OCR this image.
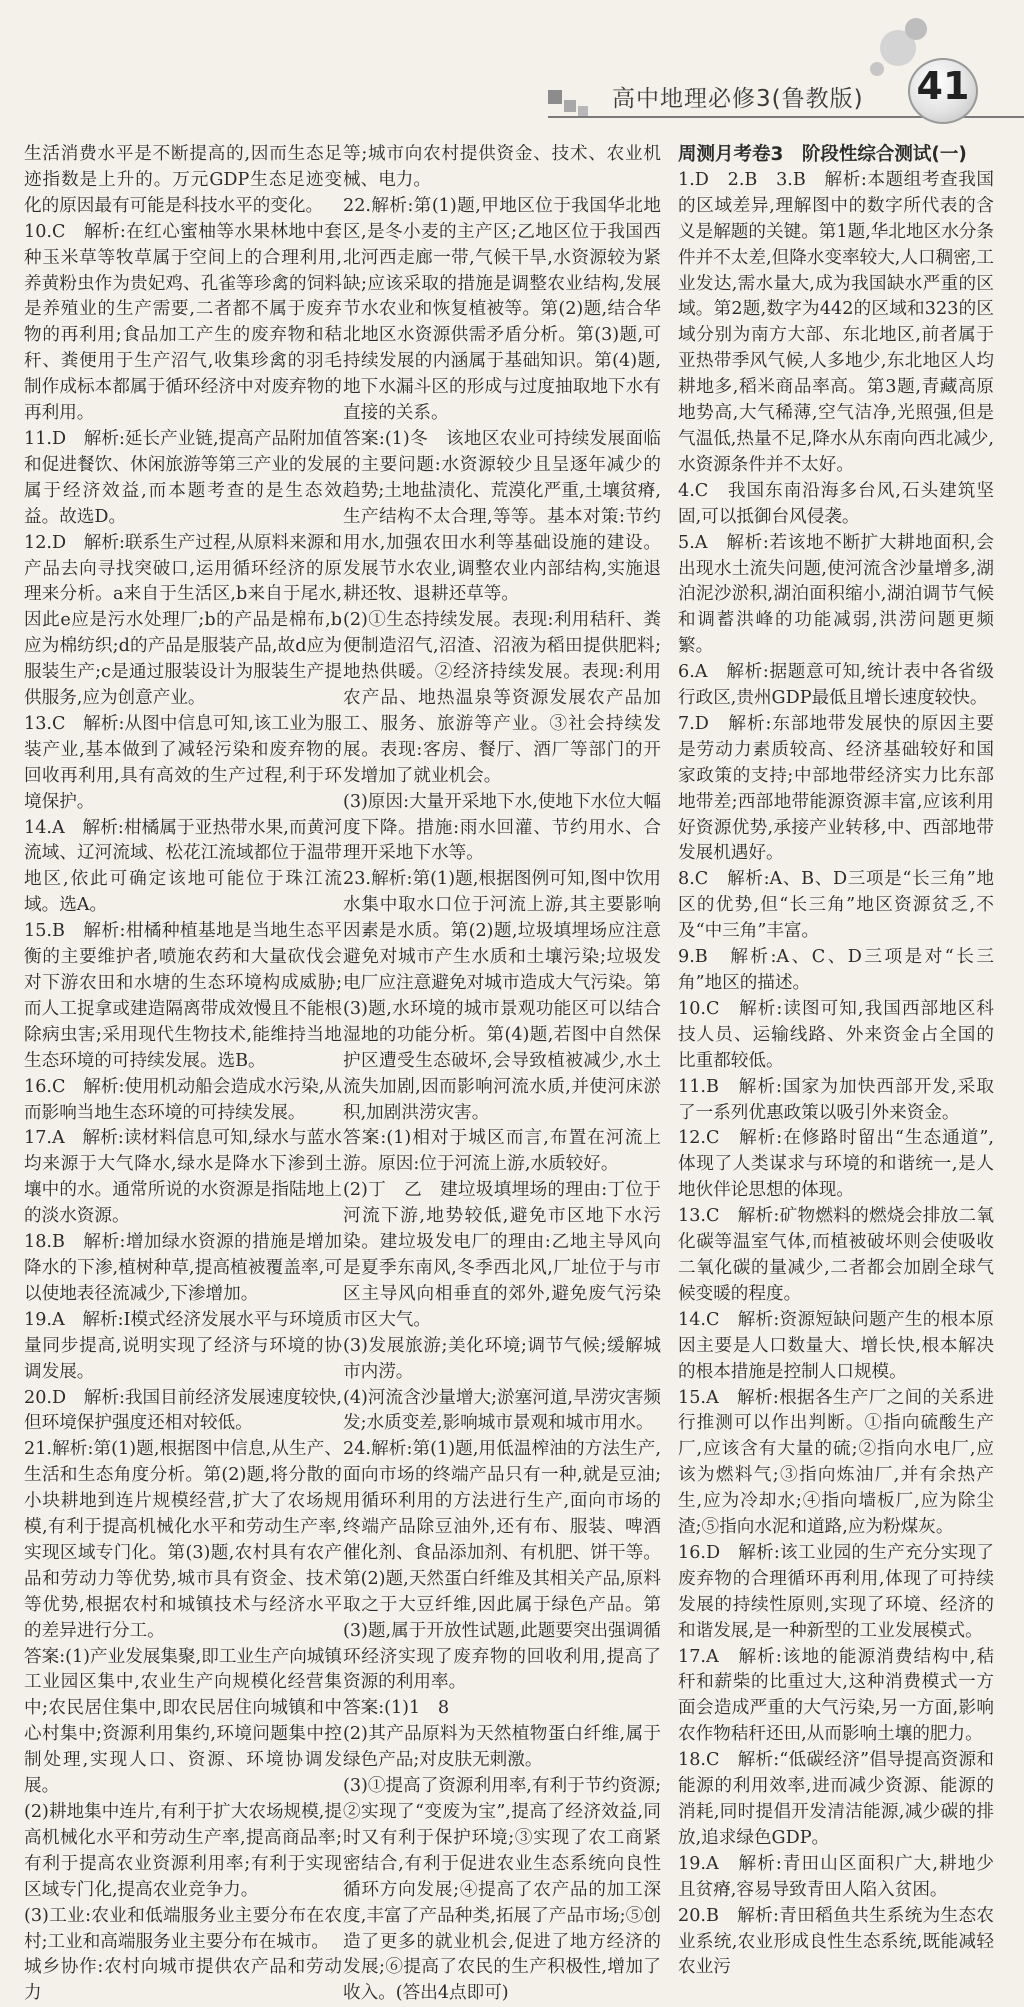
高中地理必修3(鲁教版) 41

生活消费水平是不断提高的,因而生态足迹指数是上升的。万元GDP生态足迹变化的原因最有可能是科技水平的变化。

10.C　解析:在红心蜜柚等水果林地中套种玉米草等牧草属于空间上的合理利用,养黄粉虫作为贵妃鸡、孔雀等珍禽的饲料是养殖业的生产需要,二者都不属于废弃物的再利用;食品加工产生的废弃物和秸秆、粪便用于生产沼气,收集珍禽的羽毛制作成标本都属于循环经济中对废弃物的再利用。

11.D　解析:延长产业链,提高产品附加值和促进餐饮、休闲旅游等第三产业的发展属于经济效益,而本题考查的是生态效益。故选D。

12.D　解析:联系生产过程,从原料来源和产品去向寻找突破口,运用循环经济的原理来分析。a来自于生活区,b来自于尾水,因此e应是污水处理厂;b的产品是棉布,b应为棉纺织;d的产品是服装产品,故d应为服装生产;c是通过服装设计为服装生产提供服务,应为创意产业。

13.C　解析:从图中信息可知,该工业为服装产业,基本做到了减轻污染和废弃物的回收再利用,具有高效的生产过程,利于环境保护。

14.A　解析:柑橘属于亚热带水果,而黄河流域、辽河流域、松花江流域都位于温带地区,依此可确定该地可能位于珠江流域。选A。

15.B　解析:柑橘种植基地是当地生态平衡的主要维护者,喷施农药和大量砍伐会对下游农田和水塘的生态环境构成威胁;而人工捉拿或建造隔离带成效慢且不能根除病虫害;采用现代生物技术,能维持当地生态环境的可持续发展。选B。

16.C　解析:使用机动船会造成水污染,从而影响当地生态环境的可持续发展。

17.A　解析:读材料信息可知,绿水与蓝水均来源于大气降水,绿水是降水下渗到土壤中的水。通常所说的水资源是指陆地上的淡水资源。

18.B　解析:增加绿水资源的措施是增加降水的下渗,植树种草,提高植被覆盖率,可以使地表径流减少,下渗增加。

19.A　解析:Ⅰ模式经济发展水平与环境质量同步提高,说明实现了经济与环境的协调发展。

20.D　解析:我国目前经济发展速度较快,但环境保护强度还相对较低。

21.解析:第(1)题,根据图中信息,从生产、生活和生态角度分析。第(2)题,将分散的小块耕地到连片规模经营,扩大了农场规模,有利于提高机械化水平和劳动生产率,实现区域专门化。第(3)题,农村具有农产品和劳动力等优势,城市具有资金、技术等优势,根据农村和城镇技术与经济水平的差异进行分工。

答案:(1)产业发展集聚,即工业生产向城镇工业园区集中,农业生产向规模化经营集中;农民居住集中,即农民居住向城镇和中心村集中;资源利用集约,环境问题集中控制处理,实现人口、资源、环境协调发展。

(2)耕地集中连片,有利于扩大农场规模,提高机械化水平和劳动生产率,提高商品率;有利于提高农业资源利用率;有利于实现区域专门化,提高农业竞争力。

(3)工业:农业和低端服务业主要分布在农村;工业和高端服务业主要分布在城市。

城乡协作:农村向城市提供农产品和劳动力

等;城市向农村提供资金、技术、农业机械、电力。

22.解析:第(1)题,甲地区位于我国华北地区,是冬小麦的主产区;乙地区位于我国西北河西走廊一带,气候干旱,水资源较为紧缺;应该采取的措施是调整农业结构,发展节水农业和恢复植被等。第(2)题,结合华北地区水资源供需矛盾分析。第(3)题,可持续发展的内涵属于基础知识。第(4)题,地下水漏斗区的形成与过度抽取地下水有直接的关系。

答案:(1)冬　该地区农业可持续发展面临的主要问题:水资源较少且呈逐年减少的趋势;土地盐渍化、荒漠化严重,土壤贫瘠,生产结构不太合理,等等。基本对策:节约用水,加强农田水利等基础设施的建设。发展节水农业,调整农业内部结构,实施退耕还牧、退耕还草等。

(2)①生态持续发展。表现:利用秸秆、粪便制造沼气,沼渣、沼液为稻田提供肥料;地热供暖。②经济持续发展。表现:利用农产品、地热温泉等资源发展农产品加工、服务、旅游等产业。③社会持续发展。表现:客房、餐厅、酒厂等部门的开发增加了就业机会。

(3)原因:大量开采地下水,使地下水位大幅度下降。措施:雨水回灌、节约用水、合理开采地下水等。

23.解析:第(1)题,根据图例可知,图中饮用水集中取水口位于河流上游,其主要影响因素是水质。第(2)题,垃圾填埋场应注意避免对城市产生水质和土壤污染;垃圾发电厂应注意避免对城市造成大气污染。第(3)题,水环境的城市景观功能区可以结合湿地的功能分析。第(4)题,若图中自然保护区遭受生态破坏,会导致植被减少,水土流失加剧,因而影响河流水质,并使河床淤积,加剧洪涝灾害。

答案:(1)相对于城区而言,布置在河流上游。原因:位于河流上游,水质较好。

(2)丁　乙　建垃圾填埋场的理由:丁位于河流下游,地势较低,避免市区地下水污染。建垃圾发电厂的理由:乙地主导风向是夏季东南风,冬季西北风,厂址位于与市区主导风向相垂直的郊外,避免废气污染市区大气。

(3)发展旅游;美化环境;调节气候;缓解城市内涝。

(4)河流含沙量增大;淤塞河道,旱涝灾害频发;水质变差,影响城市景观和城市用水。

24.解析:第(1)题,用低温榨油的方法生产,面向市场的终端产品只有一种,就是豆油;用循环利用的方法进行生产,面向市场的终端产品除豆油外,还有布、服装、啤酒催化剂、食品添加剂、有机肥、饼干等。第(2)题,天然蛋白纤维及其相关产品,原料取之于大豆纤维,因此属于绿色产品。第(3)题,属于开放性试题,此题要突出强调循环经济实现了废弃物的回收利用,提高了资源的利用率。

答案:(1)1　8

(2)其产品原料为天然植物蛋白纤维,属于绿色产品;对皮肤无刺激。

(3)①提高了资源利用率,有利于节约资源;②实现了“变废为宝”,提高了经济效益,同时又有利于保护环境;③实现了农工商紧密结合,有利于促进农业生态系统向良性循环方向发展;④提高了农产品的加工深度,丰富了产品种类,拓展了产品市场;⑤创造了更多的就业机会,促进了地方经济的发展;⑥提高了农民的生产积极性,增加了收入。(答出4点即可)

周测月考卷3　阶段性综合测试(一)

1.D　2.B　3.B　解析:本题组考查我国的区域差异,理解图中的数字所代表的含义是解题的关键。第1题,华北地区水分条件并不太差,但降水变率较大,人口稠密,工业发达,需水量大,成为我国缺水严重的区域。第2题,数字为442的区域和323的区域分别为南方大部、东北地区,前者属于亚热带季风气候,人多地少,东北地区人均耕地多,稻米商品率高。第3题,青藏高原地势高,大气稀薄,空气洁净,光照强,但是气温低,热量不足,降水从东南向西北减少,水资源条件并不太好。

4.C　我国东南沿海多台风,石头建筑坚固,可以抵御台风侵袭。

5.A　解析:若该地不断扩大耕地面积,会出现水土流失问题,使河流含沙量增多,湖泊泥沙淤积,湖泊面积缩小,湖泊调节气候和调蓄洪峰的功能减弱,洪涝问题更频繁。

6.A　解析:据题意可知,统计表中各省级行政区,贵州GDP最低且增长速度较快。

7.D　解析:东部地带发展快的原因主要是劳动力素质较高、经济基础较好和国家政策的支持;中部地带经济实力比东部地带差;西部地带能源资源丰富,应该利用好资源优势,承接产业转移,中、西部地带发展机遇好。

8.C　解析:A、B、D三项是“长三角”地区的优势,但“长三角”地区资源贫乏,不及“中三角”丰富。

9.B　解析:A、C、D三项是对“长三角”地区的描述。

10.C　解析:读图可知,我国西部地区科技人员、运输线路、外来资金占全国的比重都较低。

11.B　解析:国家为加快西部开发,采取了一系列优惠政策以吸引外来资金。

12.C　解析:在修路时留出“生态通道”,体现了人类谋求与环境的和谐统一,是人地伙伴论思想的体现。

13.C　解析:矿物燃料的燃烧会排放二氧化碳等温室气体,而植被破坏则会使吸收二氧化碳的量减少,二者都会加剧全球气候变暖的程度。

14.C　解析:资源短缺问题产生的根本原因主要是人口数量大、增长快,根本解决的根本措施是控制人口规模。

15.A　解析:根据各生产厂之间的关系进行推测可以作出判断。①指向硫酸生产厂,应该含有大量的硫;②指向水电厂,应该为燃料气;③指向炼油厂,并有余热产生,应为冷却水;④指向墙板厂,应为除尘渣;⑤指向水泥和道路,应为粉煤灰。

16.D　解析:该工业园的生产充分实现了废弃物的合理循环再利用,体现了可持续发展的持续性原则,实现了环境、经济的和谐发展,是一种新型的工业发展模式。

17.A　解析:该地的能源消费结构中,秸秆和薪柴的比重过大,这种消费模式一方面会造成严重的大气污染,另一方面,影响农作物秸秆还田,从而影响土壤的肥力。

18.C　解析:“低碳经济”倡导提高资源和能源的利用效率,进而减少资源、能源的消耗,同时提倡开发清洁能源,减少碳的排放,追求绿色GDP。

19.A　解析:青田山区面积广大,耕地少且贫瘠,容易导致青田人陷入贫困。

20.B　解析:青田稻鱼共生系统为生态农业系统,农业形成良性生态系统,既能减轻农业污
